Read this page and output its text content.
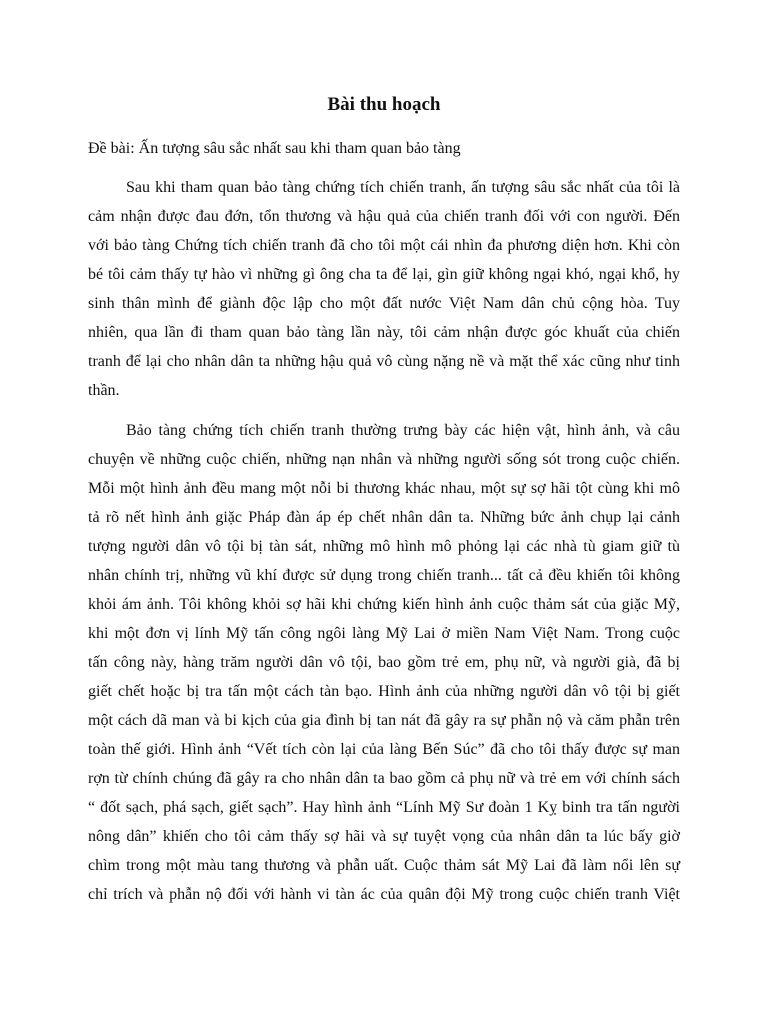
Bài thu hoạch
Đề bài: Ấn tượng sâu sắc nhất sau khi tham quan bảo tàng
Sau khi tham quan bảo tàng chứng tích chiến tranh, ấn tượng sâu sắc nhất của tôi là
cảm nhận được đau đớn, tổn thương và hậu quả của chiến tranh đối với con người. Đến
với bảo tàng Chứng tích chiến tranh đã cho tôi một cái nhìn đa phương diện hơn. Khi còn
bé tôi cảm thấy tự hào vì những gì ông cha ta để lại, gìn giữ không ngại khó, ngại khổ, hy
sinh thân mình để giành độc lập cho một đất nước Việt Nam dân chủ cộng hòa. Tuy
nhiên, qua lần đi tham quan bảo tàng lần này, tôi cảm nhận được góc khuất của chiến
tranh để lại cho nhân dân ta những hậu quả vô cùng nặng nề và mặt thể xác cũng như tinh
thần.
Bảo tàng chứng tích chiến tranh thường trưng bày các hiện vật, hình ảnh, và câu
chuyện về những cuộc chiến, những nạn nhân và những người sống sót trong cuộc chiến.
Mỗi một hình ảnh đều mang một nỗi bi thương khác nhau, một sự sợ hãi tột cùng khi mô
tả rõ nết hình ảnh giặc Pháp đàn áp ép chết nhân dân ta. Những bức ảnh chụp lại cảnh
tượng người dân vô tội bị tàn sát, những mô hình mô phỏng lại các nhà tù giam giữ tù
nhân chính trị, những vũ khí được sử dụng trong chiến tranh... tất cả đều khiến tôi không
khỏi ám ảnh. Tôi không khỏi sợ hãi khi chứng kiến hình ảnh cuộc thảm sát của giặc Mỹ,
khi một đơn vị lính Mỹ tấn công ngôi làng Mỹ Lai ở miền Nam Việt Nam. Trong cuộc
tấn công này, hàng trăm người dân vô tội, bao gồm trẻ em, phụ nữ, và người già, đã bị
giết chết hoặc bị tra tấn một cách tàn bạo. Hình ảnh của những người dân vô tội bị giết
một cách dã man và bi kịch của gia đình bị tan nát đã gây ra sự phẫn nộ và căm phẫn trên
toàn thế giới. Hình ảnh “Vết tích còn lại của làng Bến Súc” đã cho tôi thấy được sự man
rợn từ chính chúng đã gây ra cho nhân dân ta bao gồm cả phụ nữ và trẻ em với chính sách
“ đốt sạch, phá sạch, giết sạch”. Hay hình ảnh “Lính Mỹ Sư đoàn 1 Kỵ binh tra tấn người
nông dân” khiến cho tôi cảm thấy sợ hãi và sự tuyệt vọng của nhân dân ta lúc bấy giờ
chìm trong một màu tang thương và phẫn uất. Cuộc thảm sát Mỹ Lai đã làm nổi lên sự
chỉ trích và phẫn nộ đối với hành vi tàn ác của quân đội Mỹ trong cuộc chiến tranh Việt
